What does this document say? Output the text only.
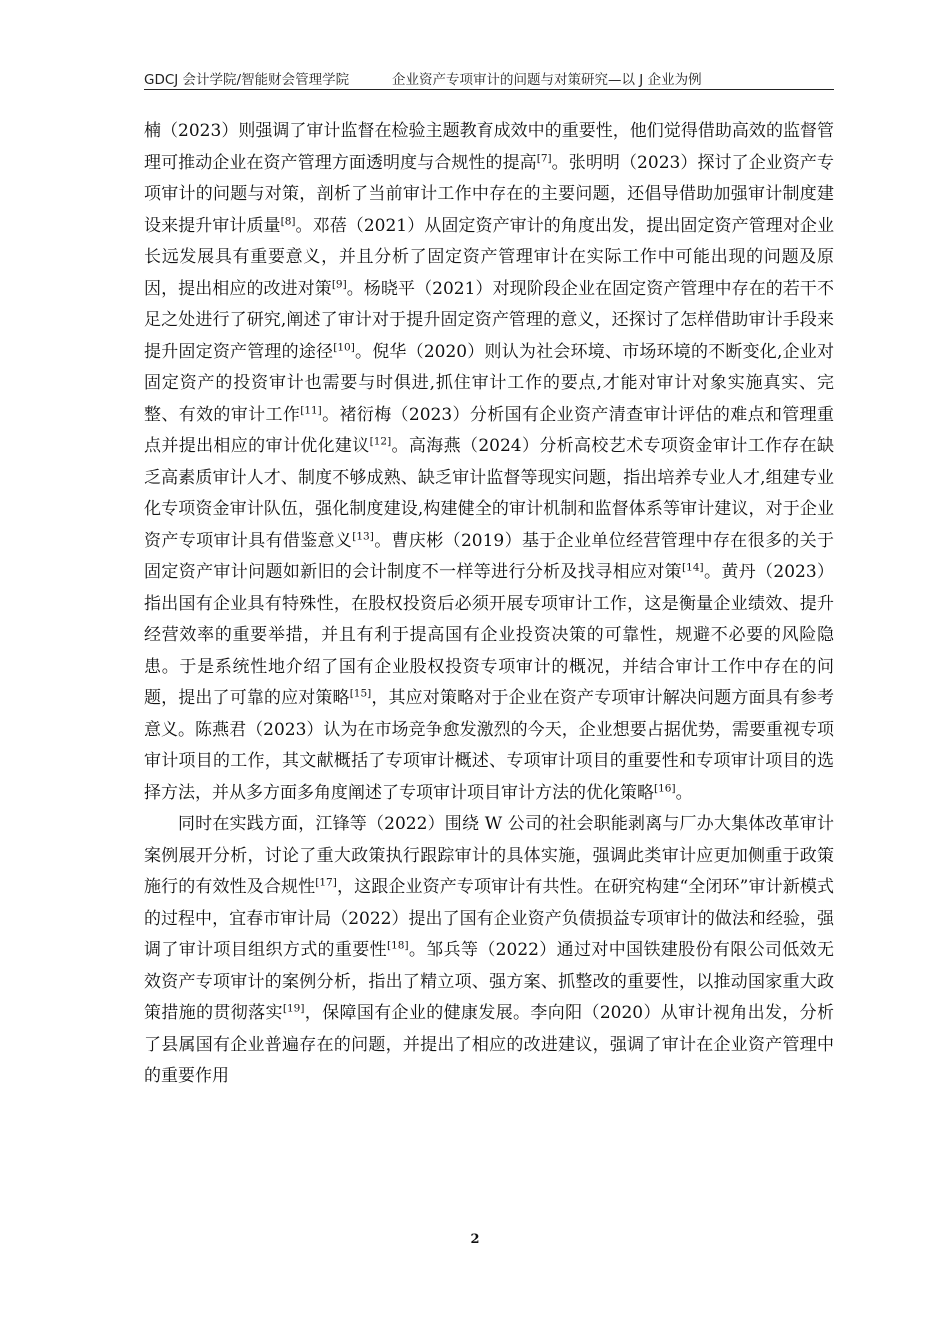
GDCJ 会计学院/智能财会管理学院	企业资产专项审计的问题与对策研究—以 J 企业为例

楠（2023）则强调了审计监督在检验主题教育成效中的重要性，他们觉得借助高效的监督管理可推动企业在资产管理方面透明度与合规性的提高[7]。张明明（2023）探讨了企业资产专项审计的问题与对策，剖析了当前审计工作中存在的主要问题，还倡导借助加强审计制度建设来提升审计质量[8]。邓蓓（2021）从固定资产审计的角度出发，提出固定资产管理对企业长远发展具有重要意义，并且分析了固定资产管理审计在实际工作中可能出现的问题及原因，提出相应的改进对策[9]。杨晓平（2021）对现阶段企业在固定资产管理中存在的若干不足之处进行了研究,阐述了审计对于提升固定资产管理的意义，还探讨了怎样借助审计手段来提升固定资产管理的途径[10]。倪华（2020）则认为社会环境、市场环境的不断变化,企业对固定资产的投资审计也需要与时俱进,抓住审计工作的要点,才能对审计对象实施真实、完整、有效的审计工作[11]。褚衍梅（2023）分析国有企业资产清查审计评估的难点和管理重点并提出相应的审计优化建议[12]。高海燕（2024）分析高校艺术专项资金审计工作存在缺乏高素质审计人才、制度不够成熟、缺乏审计监督等现实问题，指出培养专业人才,组建专业化专项资金审计队伍，强化制度建设,构建健全的审计机制和监督体系等审计建议，对于企业资产专项审计具有借鉴意义[13]。曹庆彬（2019）基于企业单位经营管理中存在很多的关于固定资产审计问题如新旧的会计制度不一样等进行分析及找寻相应对策[14]。黄丹（2023）指出国有企业具有特殊性，在股权投资后必须开展专项审计工作，这是衡量企业绩效、提升经营效率的重要举措，并且有利于提高国有企业投资决策的可靠性，规避不必要的风险隐患。于是系统性地介绍了国有企业股权投资专项审计的概况，并结合审计工作中存在的问题，提出了可靠的应对策略[15]，其应对策略对于企业在资产专项审计解决问题方面具有参考意义。陈燕君（2023）认为在市场竞争愈发激烈的今天，企业想要占据优势，需要重视专项审计项目的工作，其文献概括了专项审计概述、专项审计项目的重要性和专项审计项目的选择方法，并从多方面多角度阐述了专项审计项目审计方法的优化策略[16]。

同时在实践方面，江锋等（2022）围绕 W 公司的社会职能剥离与厂办大集体改革审计案例展开分析，讨论了重大政策执行跟踪审计的具体实施，强调此类审计应更加侧重于政策施行的有效性及合规性[17]，这跟企业资产专项审计有共性。在研究构建“全闭环”审计新模式的过程中，宜春市审计局（2022）提出了国有企业资产负债损益专项审计的做法和经验，强调了审计项目组织方式的重要性[18]。邹兵等（2022）通过对中国铁建股份有限公司低效无效资产专项审计的案例分析，指出了精立项、强方案、抓整改的重要性，以推动国家重大政策措施的贯彻落实[19]，保障国有企业的健康发展。李向阳（2020）从审计视角出发，分析了县属国有企业普遍存在的问题，并提出了相应的改进建议，强调了审计在企业资产管理中的重要作用

2
